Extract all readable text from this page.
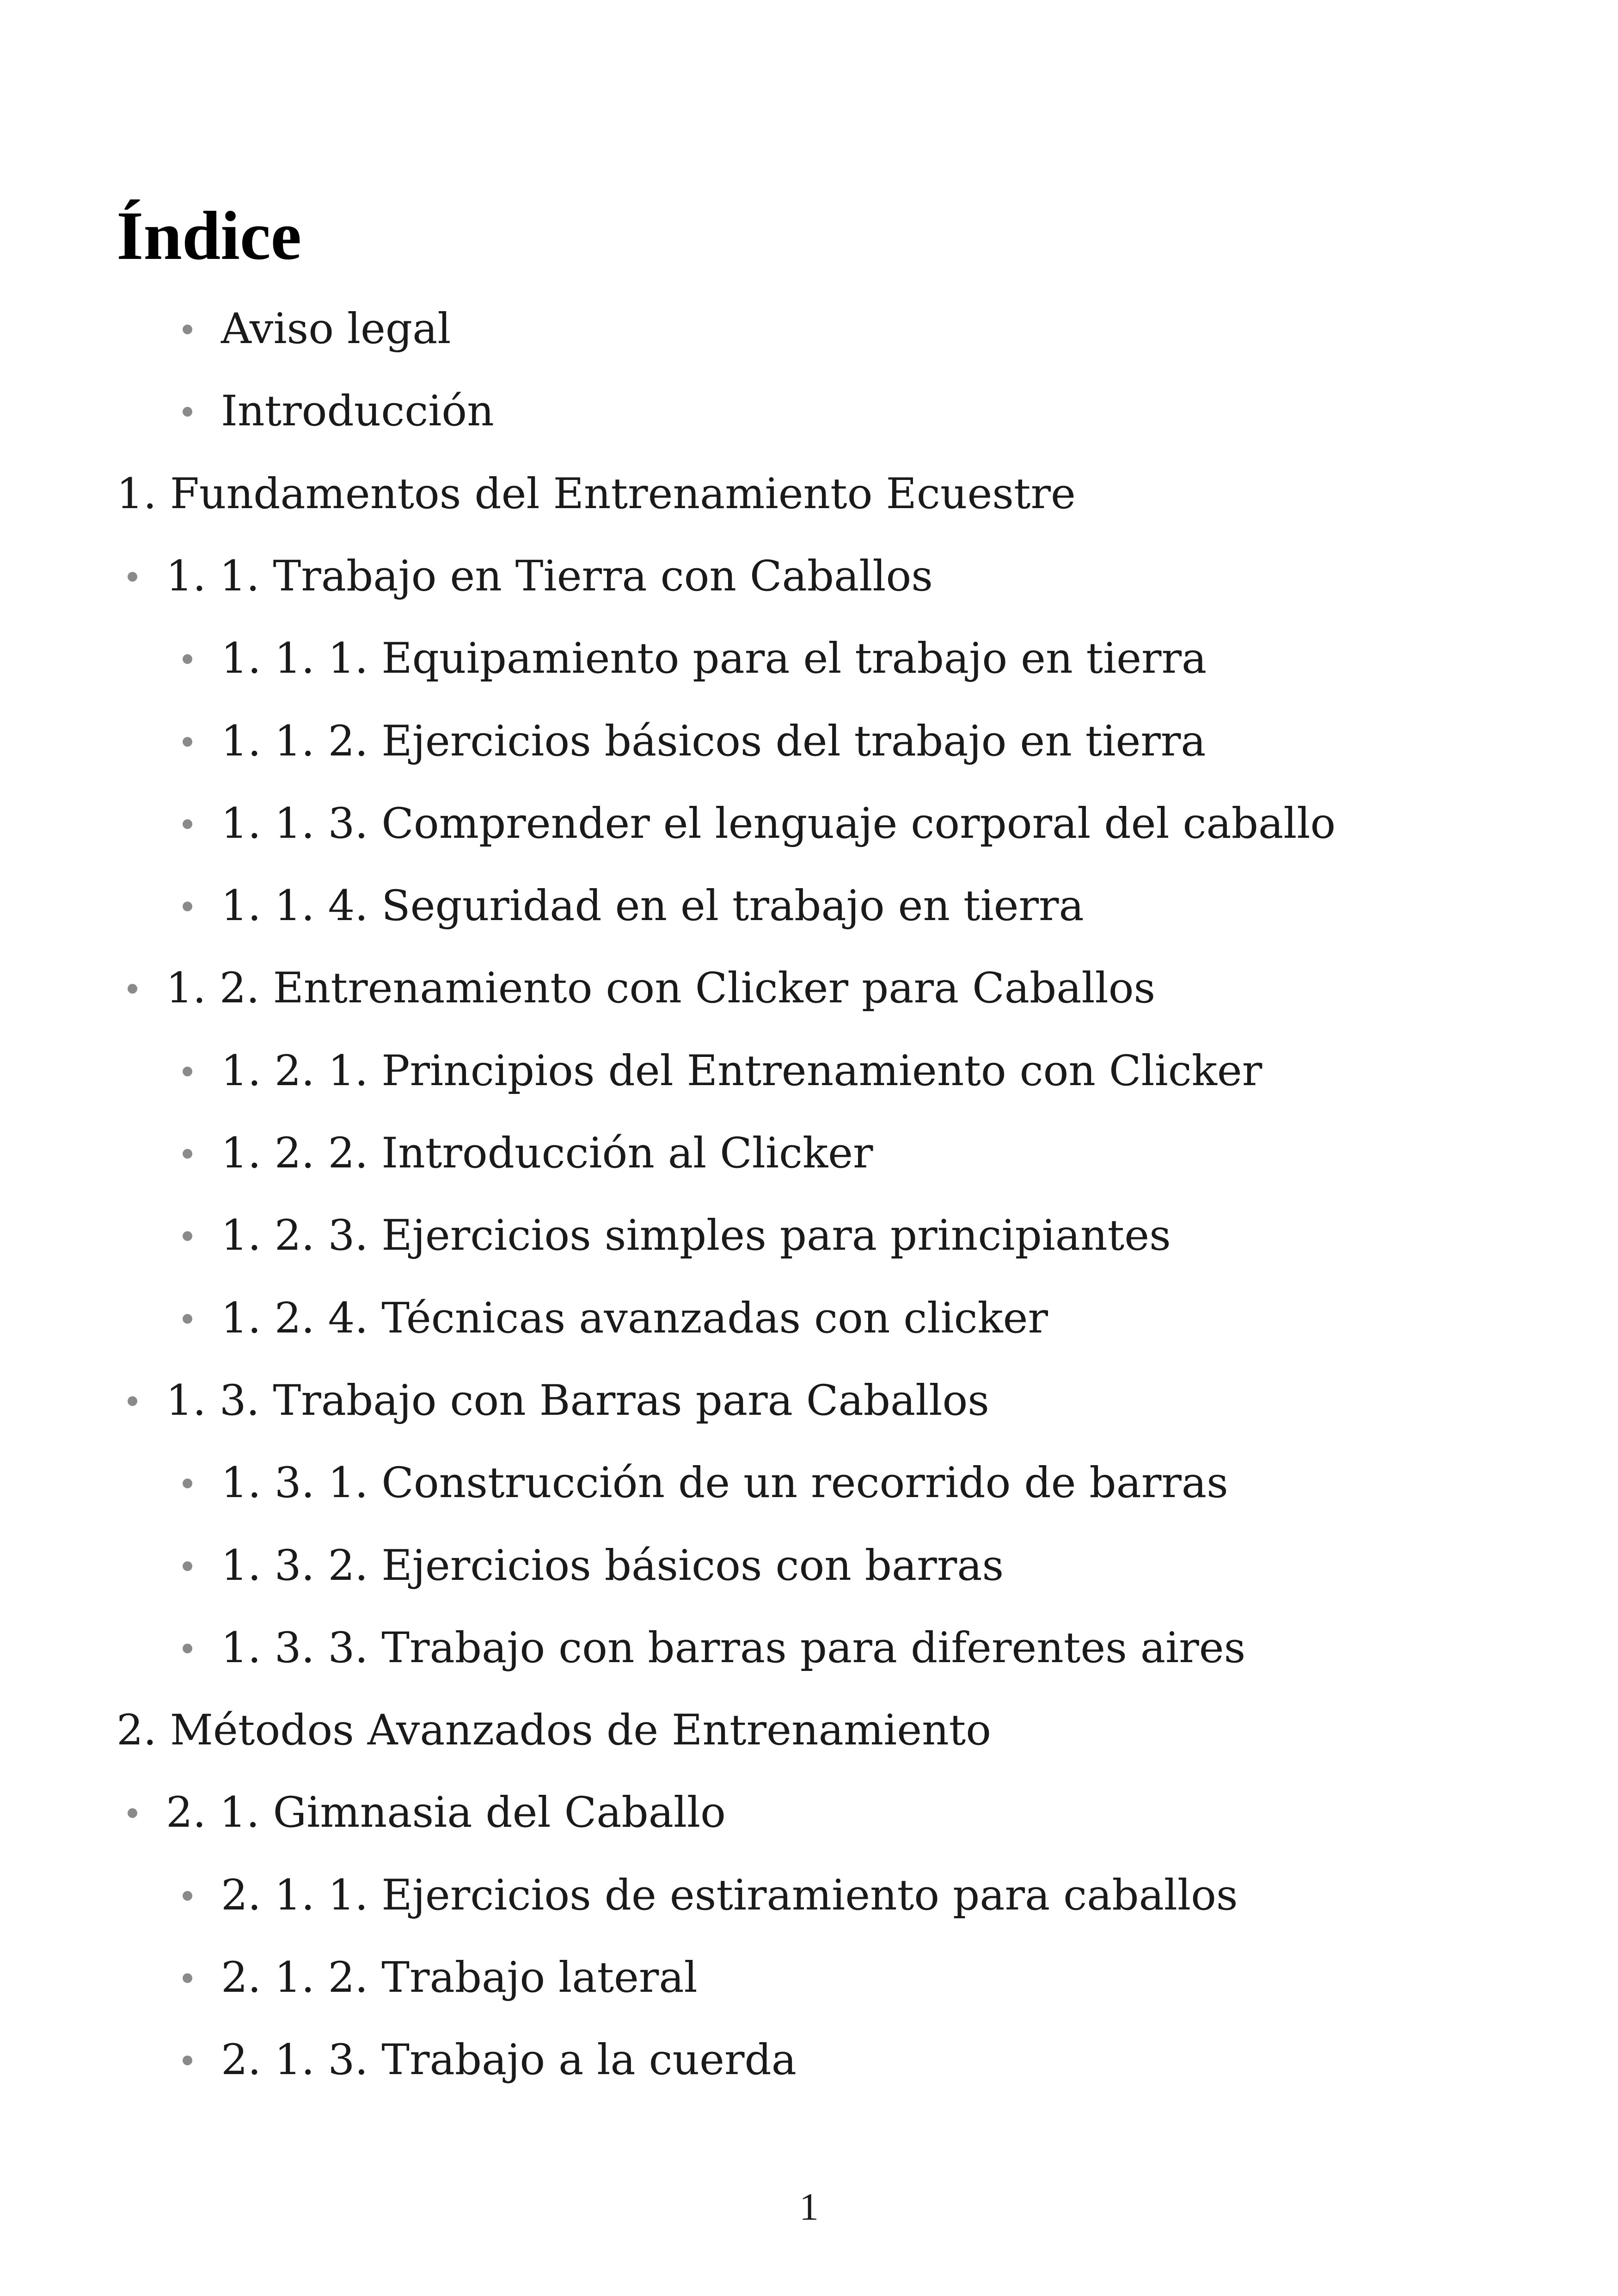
Índice
Aviso legal
Introducción
1. Fundamentos del Entrenamiento Ecuestre
1. 1. Trabajo en Tierra con Caballos
1. 1. 1. Equipamiento para el trabajo en tierra
1. 1. 2. Ejercicios básicos del trabajo en tierra
1. 1. 3. Comprender el lenguaje corporal del caballo
1. 1. 4. Seguridad en el trabajo en tierra
1. 2. Entrenamiento con Clicker para Caballos
1. 2. 1. Principios del Entrenamiento con Clicker
1. 2. 2. Introducción al Clicker
1. 2. 3. Ejercicios simples para principiantes
1. 2. 4. Técnicas avanzadas con clicker
1. 3. Trabajo con Barras para Caballos
1. 3. 1. Construcción de un recorrido de barras
1. 3. 2. Ejercicios básicos con barras
1. 3. 3. Trabajo con barras para diferentes aires
2. Métodos Avanzados de Entrenamiento
2. 1. Gimnasia del Caballo
2. 1. 1. Ejercicios de estiramiento para caballos
2. 1. 2. Trabajo lateral
2. 1. 3. Trabajo a la cuerda
1
